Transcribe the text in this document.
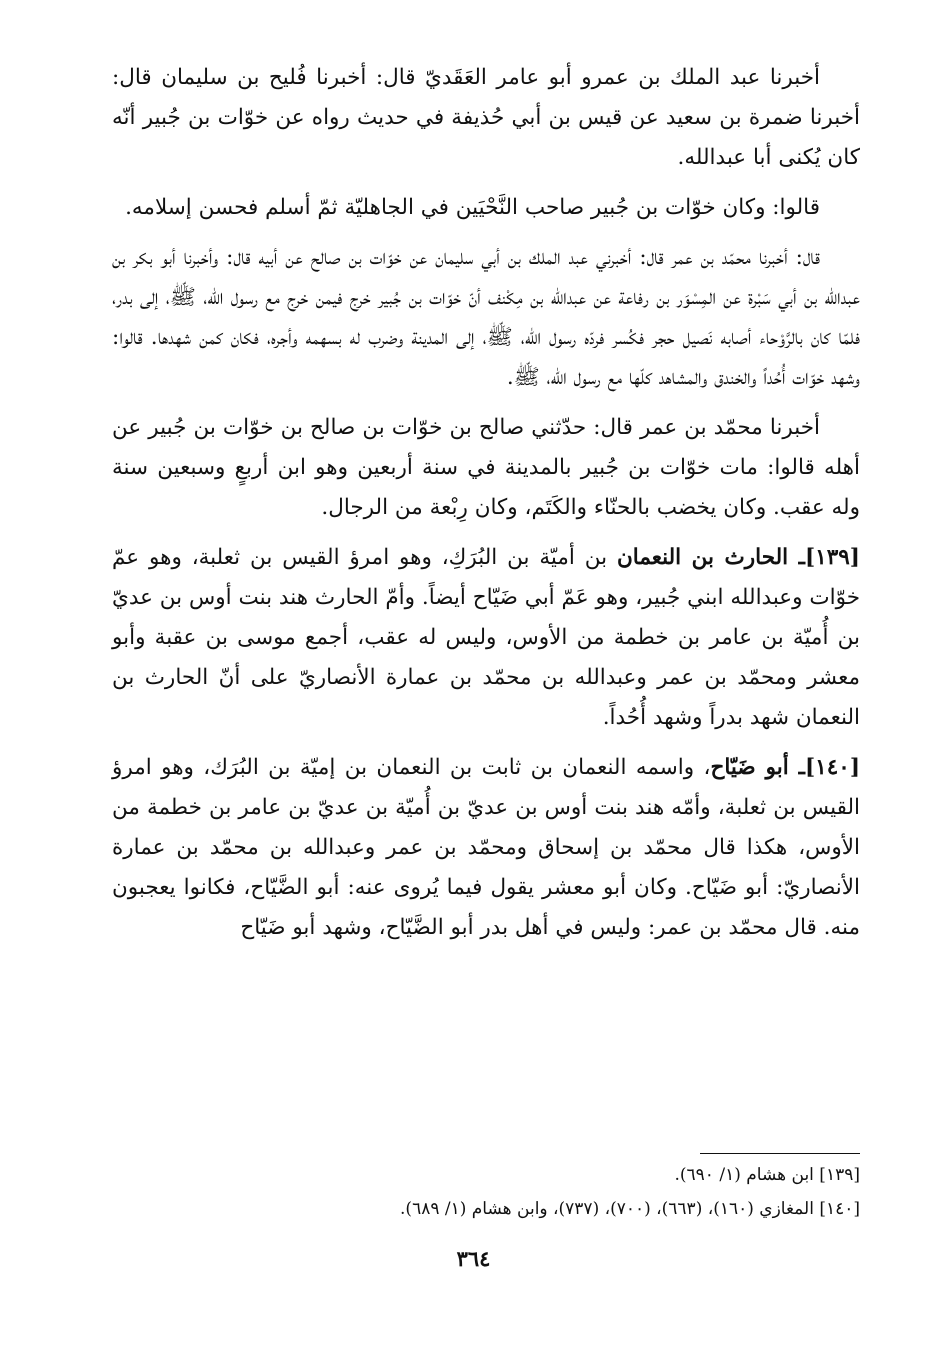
أخبرنا عبد الملك بن عمرو أبو عامر العَقَديّ قال: أخبرنا فُليح بن سليمان قال: أخبرنا ضمرة بن سعيد عن قيس بن أبي حُذيفة في حديث رواه عن خوّات بن جُبير أنّه كان يُكنى أبا عبدالله.

قالوا: وكان خوّات بن جُبير صاحب النَّحْيَين في الجاهليّة ثمّ أسلم فحسن إسلامه.

قال: أخبرنا محمّد بن عمر قال: أخبرني عبد الملك بن أبي سليمان عن خوّات بن صالح عن أبيه قال: وأخبرنا أبو بكر بن عبدالله بن أبي سَبْرة عن المِسْوَر بن رفاعة عن عبدالله بن مِكْنف أنّ خوّات بن جُبير خرج فيمن خرج مع رسول الله، ﷺ، إلى بدر، فلمّا كان بالرَّوْحاء أصابه نَصيل حجر فكُسر فردّه رسول الله، ﷺ، إلى المدينة وضرب له بسهمه وأجره، فكان كمن شهدها. قالوا: وشهد خوّات أُحُداً والخندق والمشاهد كلّها مع رسول الله، ﷺ.

أخبرنا محمّد بن عمر قال: حدّثني صالح بن خوّات بن صالح بن خوّات بن جُبير عن أهله قالوا: مات خوّات بن جُبير بالمدينة في سنة أربعين وهو ابن أربعٍ وسبعين سنة وله عقب. وكان يخضب بالحنّاء والكَتَم، وكان رِبْعة من الرجال.

[١٣٩]ـ الحارث بن النعمان بن أميّة بن البُرَكِ، وهو امرؤ القيس بن ثعلبة، وهو عمّ خوّات وعبدالله ابني جُبير، وهو عَمّ أبي ضَيّاح أيضاً. وأمّ الحارث هند بنت أوس بن عديّ بن أُميّة بن عامر بن خطمة من الأوس، وليس له عقب، أجمع موسى بن عقبة وأبو معشر ومحمّد بن عمر وعبدالله بن محمّد بن عمارة الأنصاريّ على أنّ الحارث بن النعمان شهد بدراً وشهد أُحُداً.

[١٤٠]ـ أبو ضَيّاح، واسمه النعمان بن ثابت بن النعمان بن إميّة بن البُرَك، وهو امرؤ القيس بن ثعلبة، وأمّه هند بنت أوس بن عديّ بن أُميّة بن عديّ بن عامر بن خطمة من الأوس، هكذا قال محمّد بن إسحاق ومحمّد بن عمر وعبدالله بن محمّد بن عمارة الأنصاريّ: أبو ضَيّاح. وكان أبو معشر يقول فيما يُروى عنه: أبو الضَّيّاح، فكانوا يعجبون منه. قال محمّد بن عمر: وليس في أهل بدر أبو الضَّيّاح، وشهد أبو ضَيّاح

[١٣٩] ابن هشام (١/ ٦٩٠).

[١٤٠] المغازي (١٦٠)، (٦٦٣)، (٧٠٠)، (٧٣٧)، وابن هشام (١/ ٦٨٩).

٣٦٤
